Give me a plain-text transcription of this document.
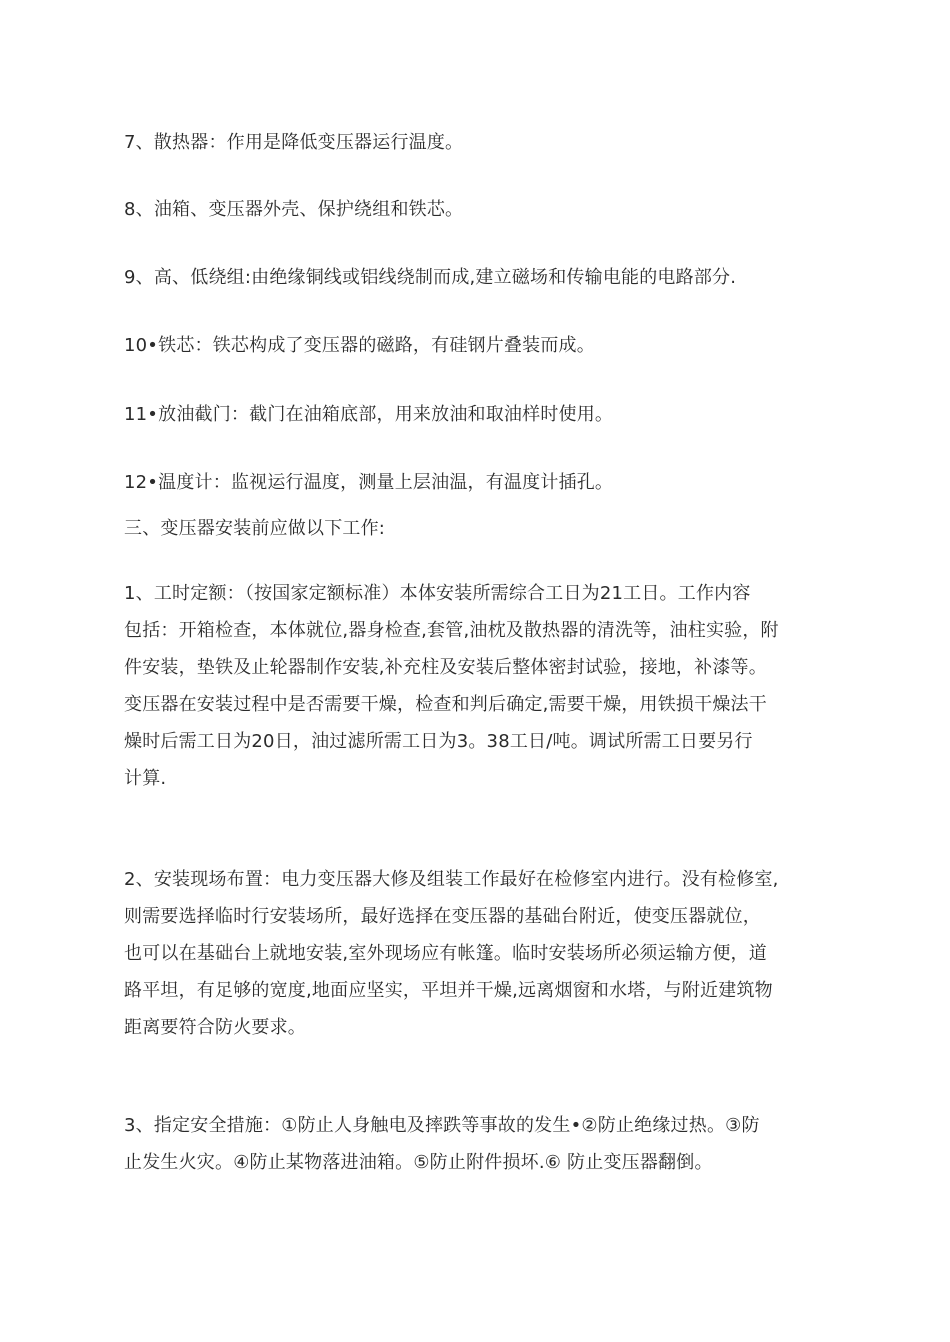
7、散热器：作用是降低变压器运行温度。
8、油箱、变压器外壳、保护绕组和铁芯。
9、高、低绕组:由绝缘铜线或铝线绕制而成,建立磁场和传输电能的电路部分.
10•铁芯：铁芯构成了变压器的磁路，有硅钢片叠装而成。
11•放油截门：截门在油箱底部，用来放油和取油样时使用。
12•温度计：监视运行温度，测量上层油温，有温度计插孔。
三、变压器安装前应做以下工作:
1、工时定额：（按国家定额标准）本体安装所需综合工日为21工日。工作内容
包括：开箱检查，本体就位,器身检查,套管,油枕及散热器的清洗等，油柱实验，附
件安装，垫铁及止轮器制作安装,补充柱及安装后整体密封试验，接地，补漆等。
变压器在安装过程中是否需要干燥，检查和判后确定,需要干燥，用铁损干燥法干
燥时后需工日为20日，油过滤所需工日为3。38工日/吨。调试所需工日要另行
计算.
2、安装现场布置：电力变压器大修及组装工作最好在检修室内进行。没有检修室,
则需要选择临时行安装场所，最好选择在变压器的基础台附近，使变压器就位，
也可以在基础台上就地安装,室外现场应有帐篷。临时安装场所必须运输方便，道
路平坦，有足够的宽度,地面应坚实，平坦并干燥,远离烟窗和水塔，与附近建筑物
距离要符合防火要求。
3、指定安全措施：①防止人身触电及摔跌等事故的发生•②防止绝缘过热。③防
止发生火灾。④防止某物落进油箱。⑤防止附件损坏.⑥ 防止变压器翻倒。
